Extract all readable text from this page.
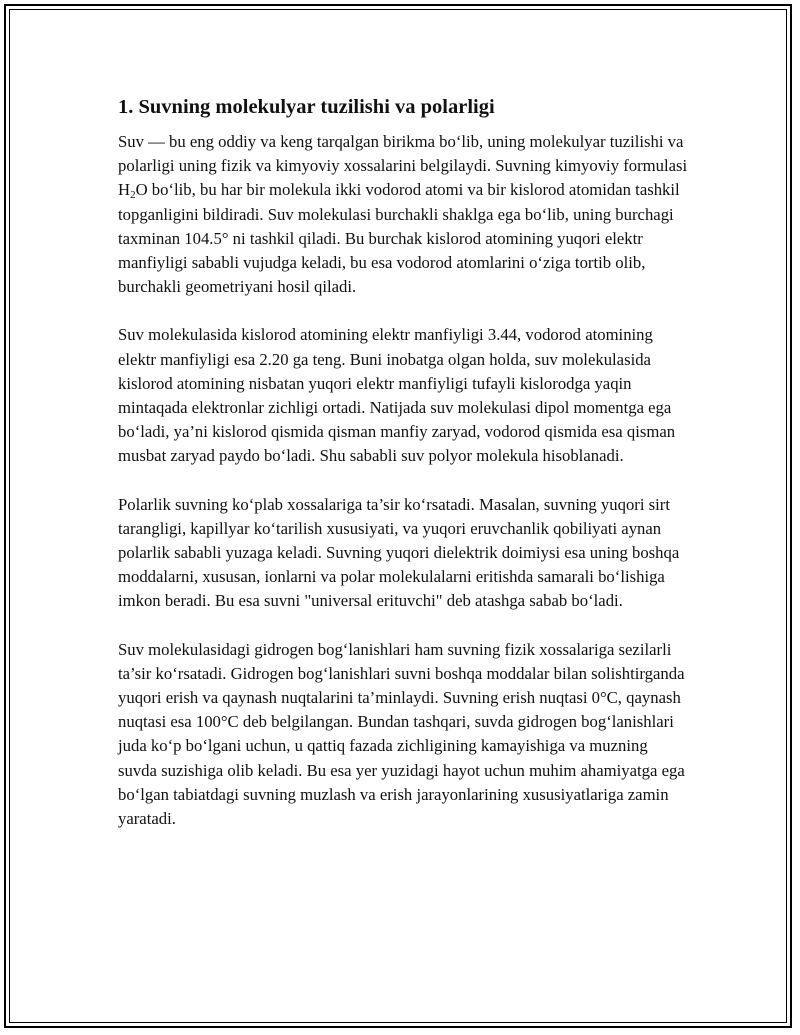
1. Suvning molekulyar tuzilishi va polarligi

Suv — bu eng oddiy va keng tarqalgan birikma bo‘lib, uning molekulyar tuzilishi va polarligi uning fizik va kimyoviy xossalarini belgilaydi. Suvning kimyoviy formulasi $H_2O$ bo‘lib, bu har bir molekula ikki vodorod atomi va bir kislorod atomidan tashkil topganligini bildiradi. Suv molekulasi burchakli shaklga ega bo‘lib, uning burchagi taxminan 104.5° ni tashkil qiladi. Bu burchak kislorod atomining yuqori elektr manfiyligi sababli vujudga keladi, bu esa vodorod atomlarini o‘ziga tortib olib, burchakli geometriyani hosil qiladi.

Suv molekulasida kislorod atomining elektr manfiyligi 3.44, vodorod atomining elektr manfiyligi esa 2.20 ga teng. Buni inobatga olgan holda, suv molekulasida kislorod atomining nisbatan yuqori elektr manfiyligi tufayli kislorodga yaqin mintaqada elektronlar zichligi ortadi. Natijada suv molekulasi dipol momentga ega bo‘ladi, ya’ni kislorod qismida qisman manfiy zaryad, vodorod qismida esa qisman musbat zaryad paydo bo‘ladi. Shu sababli suv polyor molekula hisoblanadi.

Polarlik suvning ko‘plab xossalariga ta’sir ko‘rsatadi. Masalan, suvning yuqori sirt tarangligi, kapillyar ko‘tarilish xususiyati, va yuqori eruvchanlik qobiliyati aynan polarlik sababli yuzaga keladi. Suvning yuqori dielektrik doimiysi esa uning boshqa moddalarni, xususan, ionlarni va polar molekulalarni eritishda samarali bo‘lishiga imkon beradi. Bu esa suvni "universal erituvchi" deb atashga sabab bo‘ladi.

Suv molekulasidagi gidrogen bog‘lanishlari ham suvning fizik xossalariga sezilarli ta’sir ko‘rsatadi. Gidrogen bog‘lanishlari suvni boshqa moddalar bilan solishtirganda yuqori erish va qaynash nuqtalarini ta’minlaydi. Suvning erish nuqtasi 0°C, qaynash nuqtasi esa 100°C deb belgilangan. Bundan tashqari, suvda gidrogen bog‘lanishlari juda ko‘p bo‘lgani uchun, u qattiq fazada zichligining kamayishiga va muzning suvda suzishiga olib keladi. Bu esa yer yuzidagi hayot uchun muhim ahamiyatga ega bo‘lgan tabiatdagi suvning muzlash va erish jarayonlarining xususiyatlariga zamin yaratadi.
